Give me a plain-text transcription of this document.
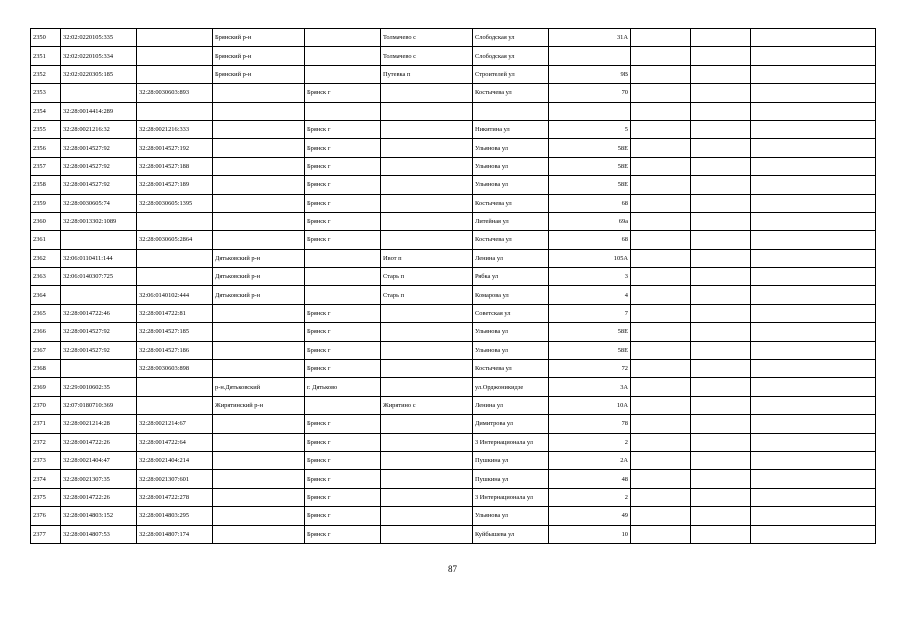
2350	32:02:0220105:335		Брянский р-н		Толмачево с	Слободская ул	31А			
2351	32:02:0220105:334		Брянский р-н		Толмачево с	Слободская ул				
2352	32:02:0220305:185		Брянский р-н		Путевка п	Строителей ул	9В			
2353		32:28:0030603:893		Брянск г		Костычева ул	70			
2354	32:28:0014414:289									
2355	32:28:0021216:32	32:28:0021216:333		Брянск г		Никитина ул	5			
2356	32:28:0014527:92	32:28:0014527:192		Брянск г		Ульянова ул	58Е			
2357	32:28:0014527:92	32:28:0014527:188		Брянск г		Ульянова ул	58Е			
2358	32:28:0014527:92	32:28:0014527:189		Брянск г		Ульянова ул	58Е			
2359	32:28:0030605:74	32:28:0030605:1395		Брянск г		Костычева ул	68			
2360	32:28:0013302:1089			Брянск г		Литейная ул	69а			
2361		32:28:0030605:2864		Брянск г		Костычева ул	68			
2362	32:06:0110411:144		Дятьковский р-н		Ивот п	Ленина ул	105А			
2363	32:06:0140307:725		Дятьковский р-н		Старь п	Рябка ул	3			
2364		32:06:0140102:444	Дятьковский р-н		Старь п	Комарова ул	4			
2365	32:28:0014722:46	32:28:0014722:81		Брянск г		Советская ул	7			
2366	32:28:0014527:92	32:28:0014527:185		Брянск г		Ульянова ул	58Е			
2367	32:28:0014527:92	32:28:0014527:186		Брянск г		Ульянова ул	58Е			
2368		32:28:0030603:898		Брянск г		Костычева ул	72			
2369	32:29:0010602:35		р-н.Дятьковский	г. Дятьково		ул.Орджоникидзе	3А			
2370	32:07:0180710:369		Жирятинский р-н		Жирятино с	Ленина ул	10А			
2371	32:28:0021214:28	32:28:0021214:67		Брянск г		Димитрова ул	78			
2372	32:28:0014722:26	32:28:0014722:64		Брянск г		3 Интернационала ул	2			
2373	32:28:0021404:47	32:28:0021404:214		Брянск г		Пушкина ул	2А			
2374	32:28:0021307:35	32:28:0021307:601		Брянск г		Пушкина ул	48			
2375	32:28:0014722:26	32:28:0014722:278		Брянск г		3 Интернационала ул	2			
2376	32:28:0014803:152	32:28:0014803:295		Брянск г		Ульянова ул	49			
2377	32:28:0014807:53	32:28:0014807:174		Брянск г		Куйбышева ул	10			
87
